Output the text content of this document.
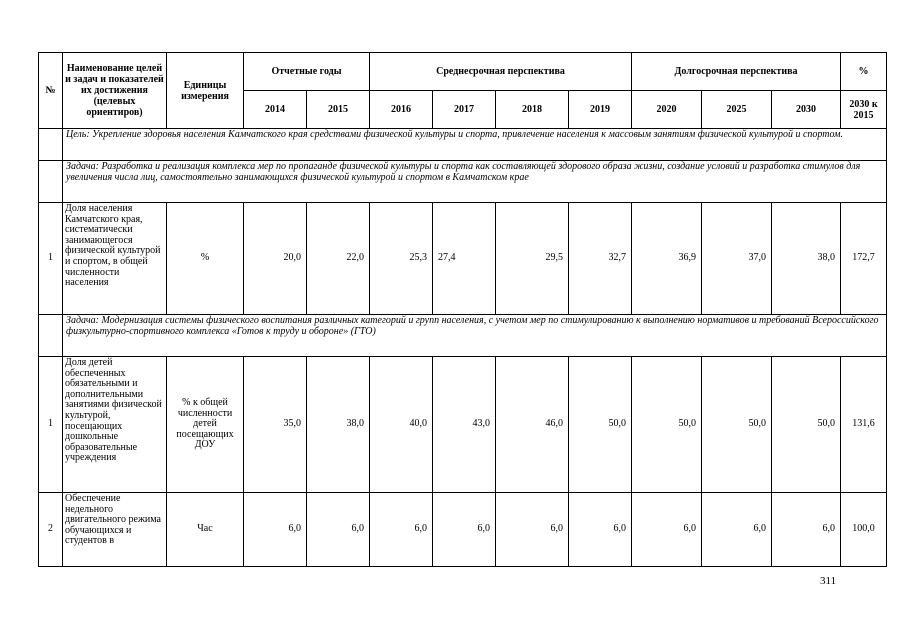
№	Наименование целей и задач и показателей их достижения (целевых ориентиров)	Единицы измерения	Отчетные годы		Среднесрочная перспектива				Долгосрочная перспектива			%
			2014	2015	2016	2017	2018	2019	2020	2025	2030	2030 к 2015
	Цель: Укрепление здоровья населения Камчатского края средствами физической культуры и спорта, привлечение населения к массовым занятиям физической культурой и спортом.											
	Задача: Разработка и реализация комплекса мер по пропаганде физической культуры и спорта как составляющей здорового образа жизни, создание условий и разработка стимулов для увеличения числа лиц, самостоятельно занимающихся физической культурой и спортом в Камчатском крае											
1	Доля населения Камчатского края, систематически занимающегося физической культурой и спортом, в общей численности населения	%	20,0	22,0	25,3	27,4	29,5	32,7	36,9	37,0	38,0	172,7
	Задача: Модернизация системы физического воспитания различных категорий и групп населения, с учетом мер по стимулированию к выполнению нормативов и требований Всероссийского физкультурно-спортивного комплекса «Готов к труду и обороне» (ГТО)											
1	Доля детей обеспеченных обязательными и дополнительными занятиями физической культурой, посещающих дошкольные образовательные учреждения	% к общей численности детей посещающих ДОУ	35,0	38,0	40,0	43,0	46,0	50,0	50,0	50,0	50,0	131,6
2	Обеспечение недельного двигательного режима обучающихся и студентов в	Час	6,0	6,0	6,0	6,0	6,0	6,0	6,0	6,0	6,0	100,0
311
